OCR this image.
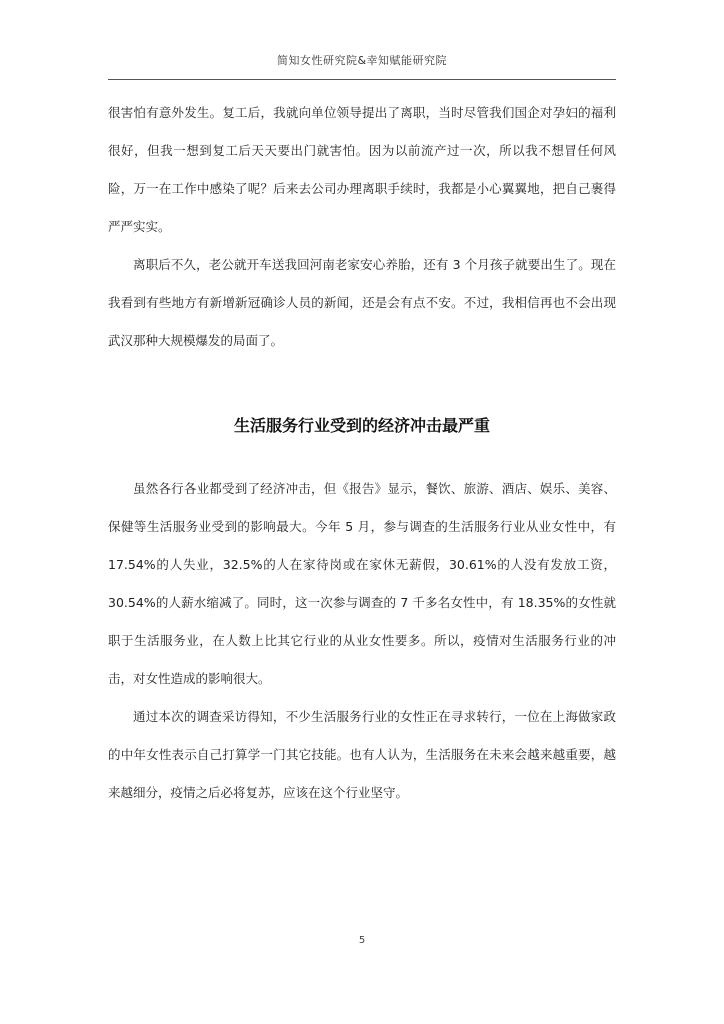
简知女性研究院&幸知赋能研究院

很害怕有意外发生。复工后，我就向单位领导提出了离职，当时尽管我们国企对孕妇的福利很好，但我一想到复工后天天要出门就害怕。因为以前流产过一次，所以我不想冒任何风险，万一在工作中感染了呢？后来去公司办理离职手续时，我都是小心翼翼地，把自己裹得严严实实。

离职后不久，老公就开车送我回河南老家安心养胎，还有 3 个月孩子就要出生了。现在我看到有些地方有新增新冠确诊人员的新闻，还是会有点不安。不过，我相信再也不会出现武汉那种大规模爆发的局面了。

生活服务行业受到的经济冲击最严重

虽然各行各业都受到了经济冲击，但《报告》显示，餐饮、旅游、酒店、娱乐、美容、保健等生活服务业受到的影响最大。今年 5 月，参与调查的生活服务行业从业女性中，有17.54%的人失业，32.5%的人在家待岗或在家休无薪假，30.61%的人没有发放工资，30.54%的人薪水缩减了。同时，这一次参与调查的 7 千多名女性中，有 18.35%的女性就职于生活服务业，在人数上比其它行业的从业女性要多。所以，疫情对生活服务行业的冲击，对女性造成的影响很大。

通过本次的调查采访得知，不少生活服务行业的女性正在寻求转行，一位在上海做家政的中年女性表示自己打算学一门其它技能。也有人认为，生活服务在未来会越来越重要，越来越细分，疫情之后必将复苏，应该在这个行业坚守。

5
